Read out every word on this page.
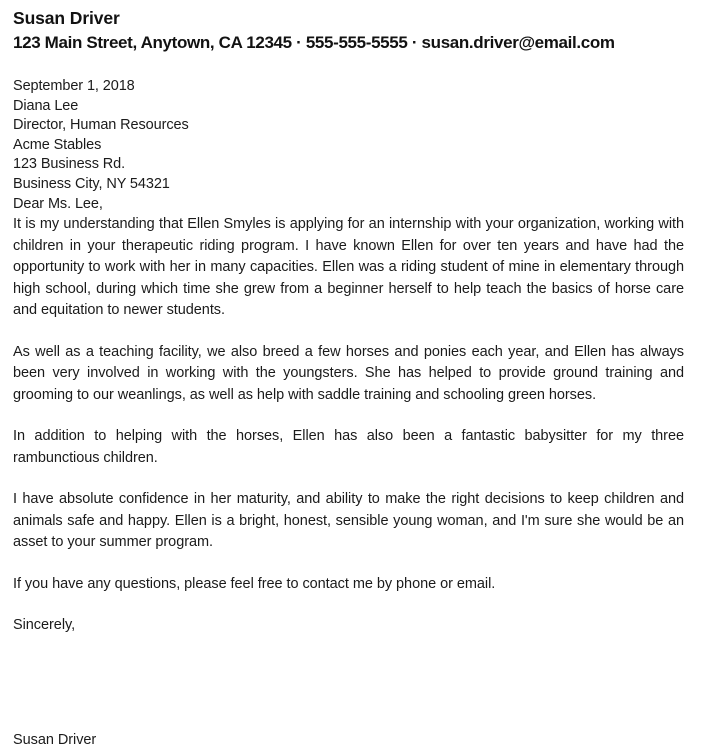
Susan Driver
123 Main Street, Anytown, CA 12345 · 555-555-5555 · susan.driver@email.com
September 1, 2018
Diana Lee
Director, Human Resources
Acme Stables
123 Business Rd.
Business City, NY 54321
Dear Ms. Lee,

It is my understanding that Ellen Smyles is applying for an internship with your organization, working with children in your therapeutic riding program. I have known Ellen for over ten years and have had the opportunity to work with her in many capacities. Ellen was a riding student of mine in elementary through high school, during which time she grew from a beginner herself to help teach the basics of horse care and equitation to newer students.

As well as a teaching facility, we also breed a few horses and ponies each year, and Ellen has always been very involved in working with the youngsters. She has helped to provide ground training and grooming to our weanlings, as well as help with saddle training and schooling green horses.

In addition to helping with the horses, Ellen has also been a fantastic babysitter for my three rambunctious children.

I have absolute confidence in her maturity, and ability to make the right decisions to keep children and animals safe and happy. Ellen is a bright, honest, sensible young woman, and I'm sure she would be an asset to your summer program.

If you have any questions, please feel free to contact me by phone or email.

Sincerely,

Susan Driver
